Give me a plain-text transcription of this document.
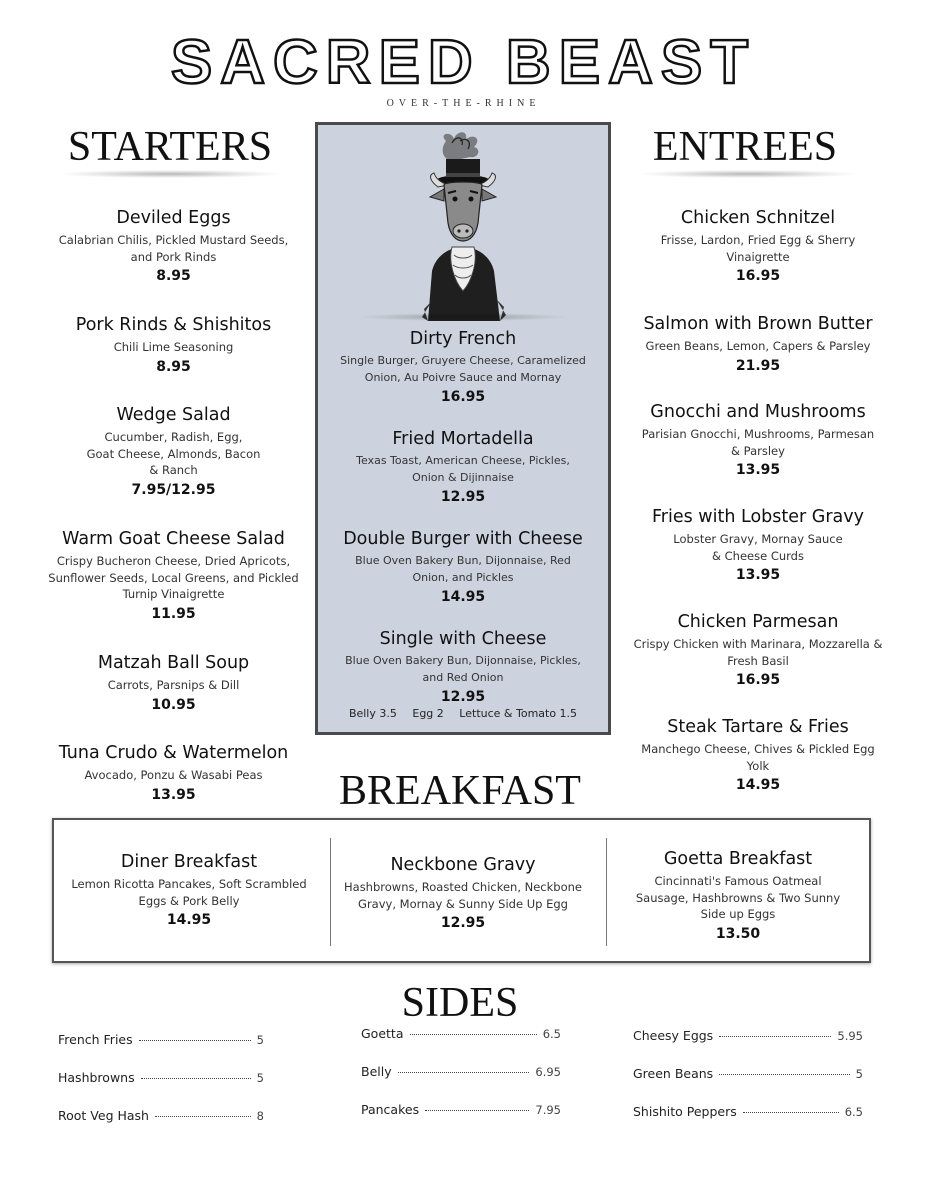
SACRED BEAST
OVER-THE-RHINE
STARTERS
Deviled Eggs
Calabrian Chilis, Pickled Mustard Seeds,
and Pork Rinds
8.95
Pork Rinds & Shishitos
Chili Lime Seasoning
8.95
Wedge Salad
Cucumber, Radish, Egg,
Goat Cheese, Almonds, Bacon
& Ranch
7.95/12.95
Warm Goat Cheese Salad
Crispy Bucheron Cheese, Dried Apricots,
Sunflower Seeds, Local Greens, and Pickled
Turnip Vinaigrette
11.95
Matzah Ball Soup
Carrots, Parsnips & Dill
10.95
Tuna Crudo & Watermelon
Avocado, Ponzu & Wasabi Peas
13.95
Dirty French
Single Burger, Gruyere Cheese, Caramelized
Onion, Au Poivre Sauce and Mornay
16.95
Fried Mortadella
Texas Toast, American Cheese, Pickles,
Onion & Dijinnaise
12.95
Double Burger with Cheese
Blue Oven Bakery Bun, Dijonnaise, Red
Onion, and Pickles
14.95
Single with Cheese
Blue Oven Bakery Bun, Dijonnaise, Pickles,
and Red Onion
12.95
Belly 3.5 Egg 2 Lettuce & Tomato 1.5
ENTREES
Chicken Schnitzel
Frisse, Lardon, Fried Egg & Sherry
Vinaigrette
16.95
Salmon with Brown Butter
Green Beans, Lemon, Capers & Parsley
21.95
Gnocchi and Mushrooms
Parisian Gnocchi, Mushrooms, Parmesan
& Parsley
13.95
Fries with Lobster Gravy
Lobster Gravy, Mornay Sauce
& Cheese Curds
13.95
Chicken Parmesan
Crispy Chicken with Marinara, Mozzarella &
Fresh Basil
16.95
Steak Tartare & Fries
Manchego Cheese, Chives & Pickled Egg
Yolk
14.95
BREAKFAST
Diner Breakfast
Lemon Ricotta Pancakes, Soft Scrambled
Eggs & Pork Belly
14.95
Neckbone Gravy
Hashbrowns, Roasted Chicken, Neckbone
Gravy, Mornay & Sunny Side Up Egg
12.95
Goetta Breakfast
Cincinnati's Famous Oatmeal
Sausage, Hashbrowns & Two Sunny
Side up Eggs
13.50
SIDES
French Fries	5
Hashbrowns	5
Root Veg Hash	8
Goetta	6.5
Belly	6.95
Pancakes	7.95
Cheesy Eggs	5.95
Green Beans	5
Shishito Peppers	6.5
